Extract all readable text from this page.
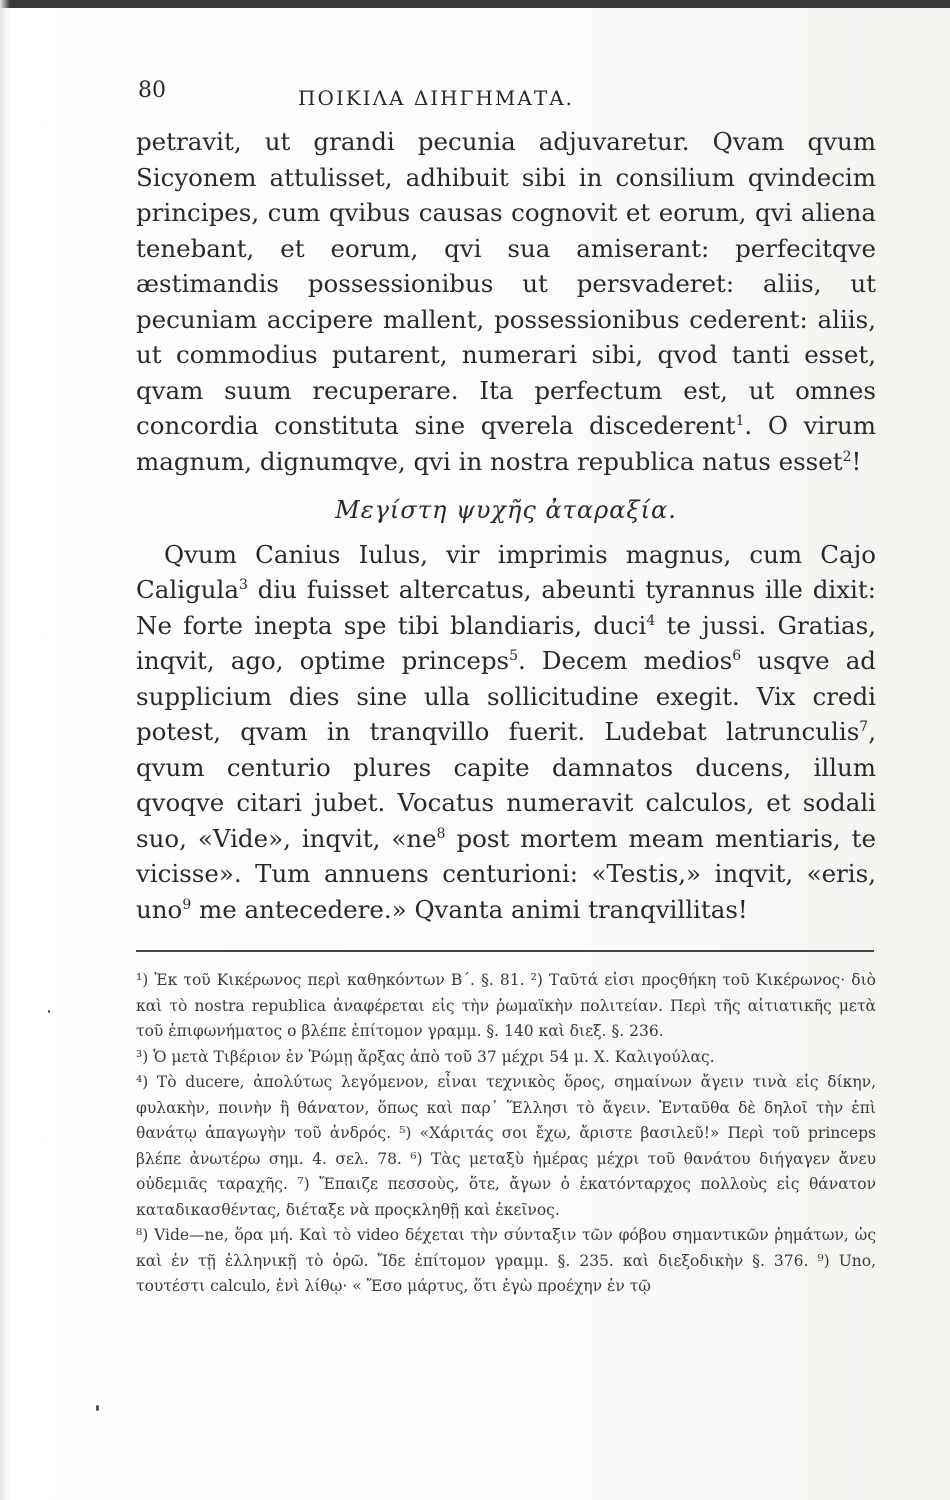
80	ΠΟΙΚΙΛΑ ΔΙΗΓΗΜΑΤΑ.

petravit, ut grandi pecunia adjuvaretur. Qvam qvum Sicyonem attulisset, adhibuit sibi in consilium qvindecim principes, cum qvibus causas cognovit et eorum, qvi aliena tenebant, et eorum, qvi sua amiserant: perfecitqve æstimandis possessionibus ut persvaderet: aliis, ut pecuniam accipere mallent, possessionibus cederent: aliis, ut commodius putarent, numerari sibi, qvod tanti esset, qvam suum recuperare. Ita perfectum est, ut omnes concordia constituta sine qverela discederent$^1$. O virum magnum, dignumqve, qvi in nostra republica natus esset$^2$!

Μεγίστη ψυχῆς ἀταραξία.

Qvum Canius Iulus, vir imprimis magnus, cum Cajo Caligula$^3$ diu fuisset altercatus, abeunti tyrannus ille dixit: Ne forte inepta spe tibi blandiaris, duci$^4$ te jussi. Gratias, inqvit, ago, optime princeps$^5$. Decem medios$^6$ usqve ad supplicium dies sine ulla sollicitudine exegit. Vix credi potest, qvam in tranqvillo fuerit. Ludebat latrunculis$^7$, qvum centurio plures capite damnatos ducens, illum qvoqve citari jubet. Vocatus numeravit calculos, et sodali suo, «Vide», inqvit, «$ne^8$ post mortem meam mentiaris, te vicisse». Tum annuens centurioni: «Testis,» inqvit, «eris, uno$^9$ me antecedere.» Qvanta animi tranqvillitas!

¹) Ἐκ τοῦ Κικέρωνος περὶ καθηκόντων Β΄. §. 81. ²) Ταῦτά εἰσι προςθήκη τοῦ Κικέρωνος· διὸ καὶ τὸ nostra republica ἀναφέρεται εἰς τὴν ῥωμαϊκὴν πολιτείαν. Περὶ τῆς αἰτιατικῆς μετὰ τοῦ ἐπιφωνήματος ο βλέπε ἐπίτομον γραμμ. §. 140 καὶ διεξ. §. 236.

³) Ὁ μετὰ Τιβέριον ἐν Ῥώμῃ ἄρξας ἀπὸ τοῦ 37 μέχρι 54 μ. Χ. Καλιγούλας.

⁴) Τὸ ducere, ἀπολύτως λεγόμενον, εἶναι τεχνικὸς ὅρος, σημαίνων ἄγειν τινὰ εἰς δίκην, φυλακὴν, ποινὴν ἢ θάνατον, ὅπως καὶ παρ᾽ Ἕλλησι τὸ ἄγειν. Ἐνταῦθα δὲ δηλοῖ τὴν ἐπὶ θανάτῳ ἀπαγωγὴν τοῦ ἀνδρός. ⁵) «Χάριτάς σοι ἔχω, ἄριστε βασιλεῦ!» Περὶ τοῦ princeps βλέπε ἀνωτέρω σημ. 4. σελ. 78. ⁶) Τὰς μεταξὺ ἡμέρας μέχρι τοῦ θανάτου διήγαγεν ἄνευ οὐδεμιᾶς ταραχῆς. ⁷) Ἔπαιζε πεσσοὺς, ὅτε, ἄγων ὁ ἑκατόνταρχος πολλοὺς εἰς θάνατον καταδικασθέντας, διέταξε νὰ προςκληθῇ καὶ ἐκεῖνος.

⁸) Vide—ne, ὅρα μή. Καὶ τὸ video δέχεται τὴν σύνταξιν τῶν φόβου σημαντικῶν ῥημάτων, ὡς καὶ ἐν τῇ ἑλληνικῇ τὸ ὁρῶ. Ἴδε ἐπίτομον γραμμ. §. 235. καὶ διεξοδικὴν §. 376. ⁹) Uno, τουτέστι calculo, ἑνὶ λίθῳ· « Ἔσο μάρτυς, ὅτι ἐγὼ προέχην ἐν τῷ
